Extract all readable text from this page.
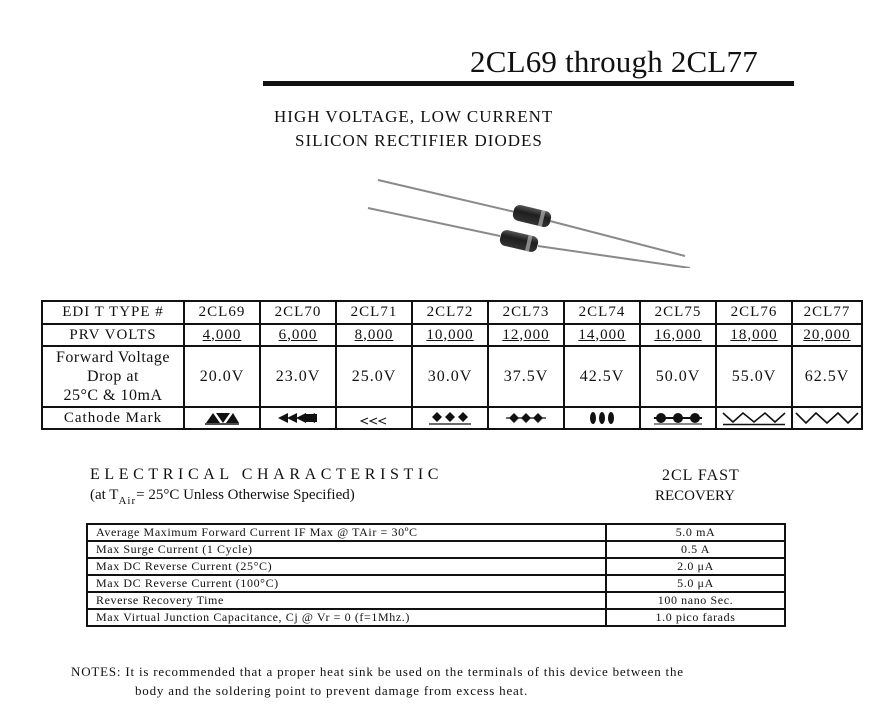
2CL69 through 2CL77
HIGH VOLTAGE, LOW CURRENT
SILICON RECTIFIER DIODES
EDI T TYPE #	2CL69	2CL70	2CL71	2CL72	2CL73	2CL74	2CL75	2CL76	2CL77
PRV VOLTS	4,000	6,000	8,000	10,000	12,000	14,000	16,000	18,000	20,000

Forward Voltage
Drop at
25°C & 10mA	20.0V	23.0V	25.0V	30.0V	37.5V	42.5V	50.0V	55.0V	62.5V
Cathode Mark	

ELECTRICAL CHARACTERISTIC
(at $T_{Air}= 25^\circ C$ Unless Otherwise Specified)
2CL FAST
RECOVERY
Average Maximum Forward Current IF Max @ TAir = 30ºC	5.0 mA
Max Surge Current (1 Cycle)	0.5 A
Max DC Reverse Current (25°C)	2.0 μA
Max DC Reverse Current (100°C)	5.0 μA
Reverse Recovery Time	100 nano Sec.
Max Virtual Junction Capacitance, Cj @ Vr = 0 (f=1Mhz.)	1.0 pico farads
NOTES: It is recommended that a proper heat sink be used on the terminals of this device between the
body and the soldering point to prevent damage from excess heat.
